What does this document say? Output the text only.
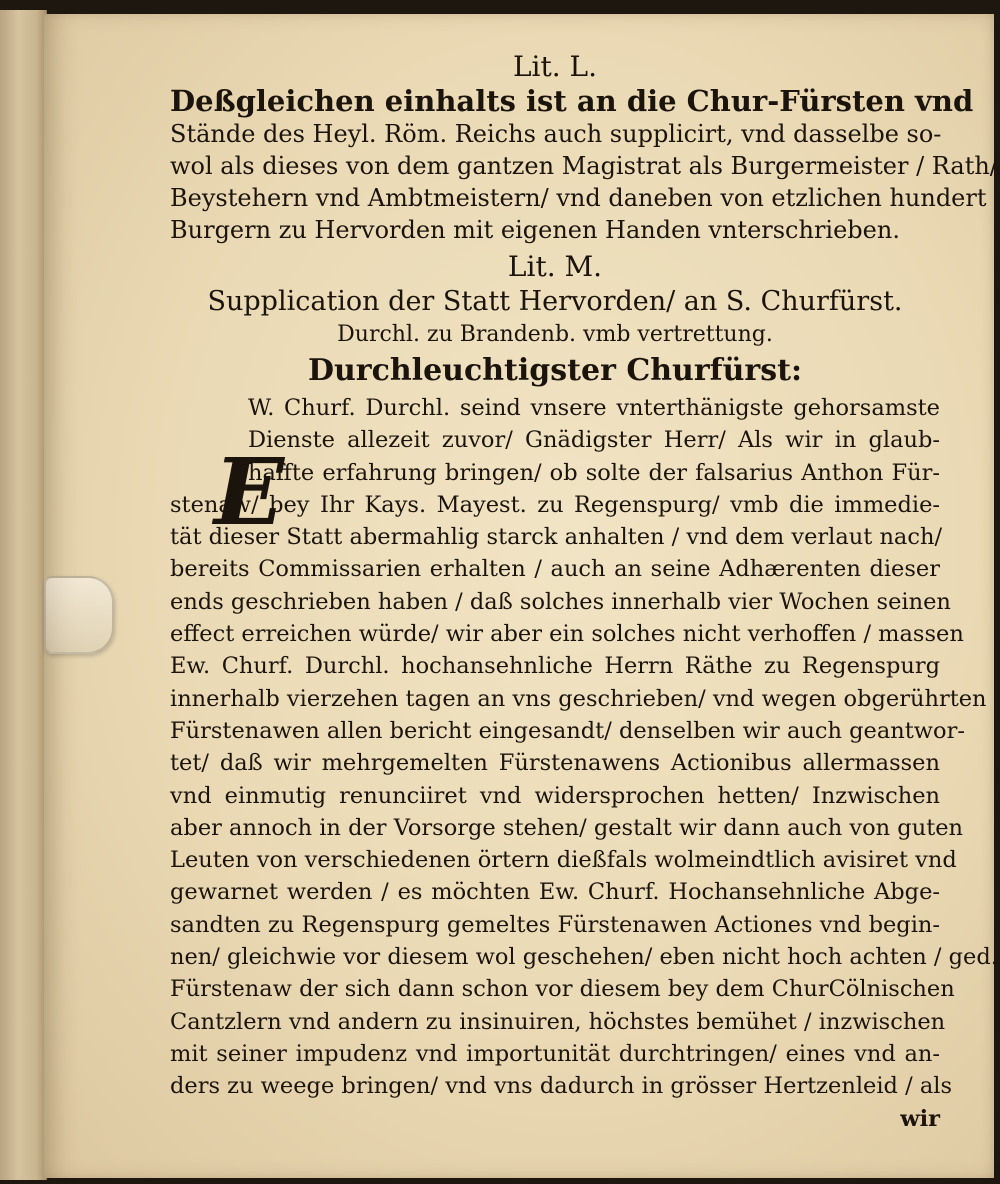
Lit. L.

Deßgleichen einhalts ist an die Chur-Fürsten vnd

Stände des Heyl. Röm. Reichs auch supplicirt, vnd dasselbe so-

wol als dieses von dem gantzen Magistrat als Burgermeister / Rath/

Beystehern vnd Ambtmeistern/ vnd daneben von etzlichen hundert

Burgern zu Hervorden mit eigenen Handen vnterschrieben.

Lit. M.

Supplication der Statt Hervorden/ an S. Churfürst.

Durchl. zu Brandenb. vmb vertrettung.

Durchleuchtigster Churfürst:

W. Churf. Durchl. seind vnsere vnterthänigste gehorsamste

Dienste allezeit zuvor/ Gnädigster Herr/ Als wir in glaub-

haffte erfahrung bringen/ ob solte der falsarius Anthon Für-

stenaw/ bey Ihr Kays. Mayest. zu Regenspurg/ vmb die immedie-

tät dieser Statt abermahlig starck anhalten / vnd dem verlaut nach/

bereits Commissarien erhalten / auch an seine Adhærenten dieser

ends geschrieben haben / daß solches innerhalb vier Wochen seinen

effect erreichen würde/ wir aber ein solches nicht verhoffen / massen

Ew. Churf. Durchl. hochansehnliche Herrn Räthe zu Regenspurg

innerhalb vierzehen tagen an vns geschrieben/ vnd wegen obgerührten

Fürstenawen allen bericht eingesandt/ denselben wir auch geantwor-

tet/ daß wir mehrgemelten Fürstenawens Actionibus allermassen

vnd einmutig renunciiret vnd widersprochen hetten/ Inzwischen

aber annoch in der Vorsorge stehen/ gestalt wir dann auch von guten

Leuten von verschiedenen örtern dießfals wolmeindtlich avisiret vnd

gewarnet werden / es möchten Ew. Churf. Hochansehnliche Abge-

sandten zu Regenspurg gemeltes Fürstenawen Actiones vnd begin-

nen/ gleichwie vor diesem wol geschehen/ eben nicht hoch achten / ged.

Fürstenaw der sich dann schon vor diesem bey dem ChurCölnischen

Cantzlern vnd andern zu insinuiren, höchstes bemühet / inzwischen

mit seiner impudenz vnd importunität durchtringen/ eines vnd an-

ders zu weege bringen/ vnd vns dadurch in grösser Hertzenleid / als

wir

E
